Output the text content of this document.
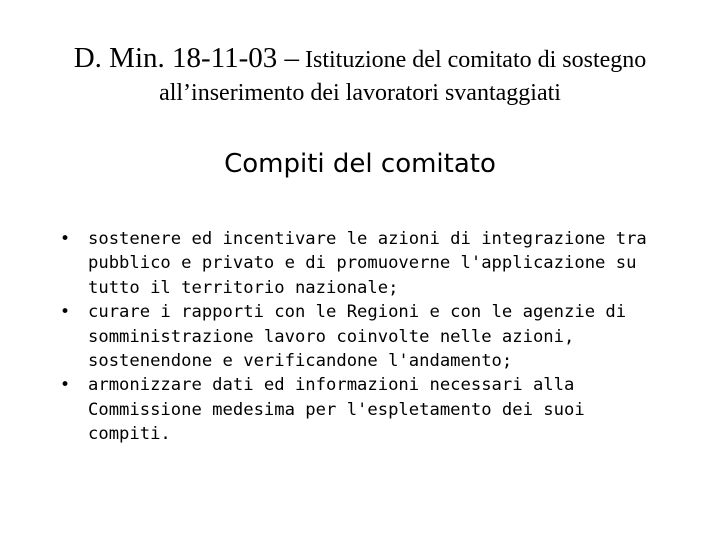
D. Min. 18-11-03 – Istituzione del comitato di sostegno
all’inserimento dei lavoratori svantaggiati
Compiti del comitato
• sostenere ed incentivare le azioni di integrazione tra
pubblico e privato e di promuoverne l'applicazione su
tutto il territorio nazionale;
• curare i rapporti con le Regioni e con le agenzie di
somministrazione lavoro coinvolte nelle azioni,
sostenendone e verificandone l'andamento;
• armonizzare dati ed informazioni necessari alla
Commissione medesima per l'espletamento dei suoi
compiti.
